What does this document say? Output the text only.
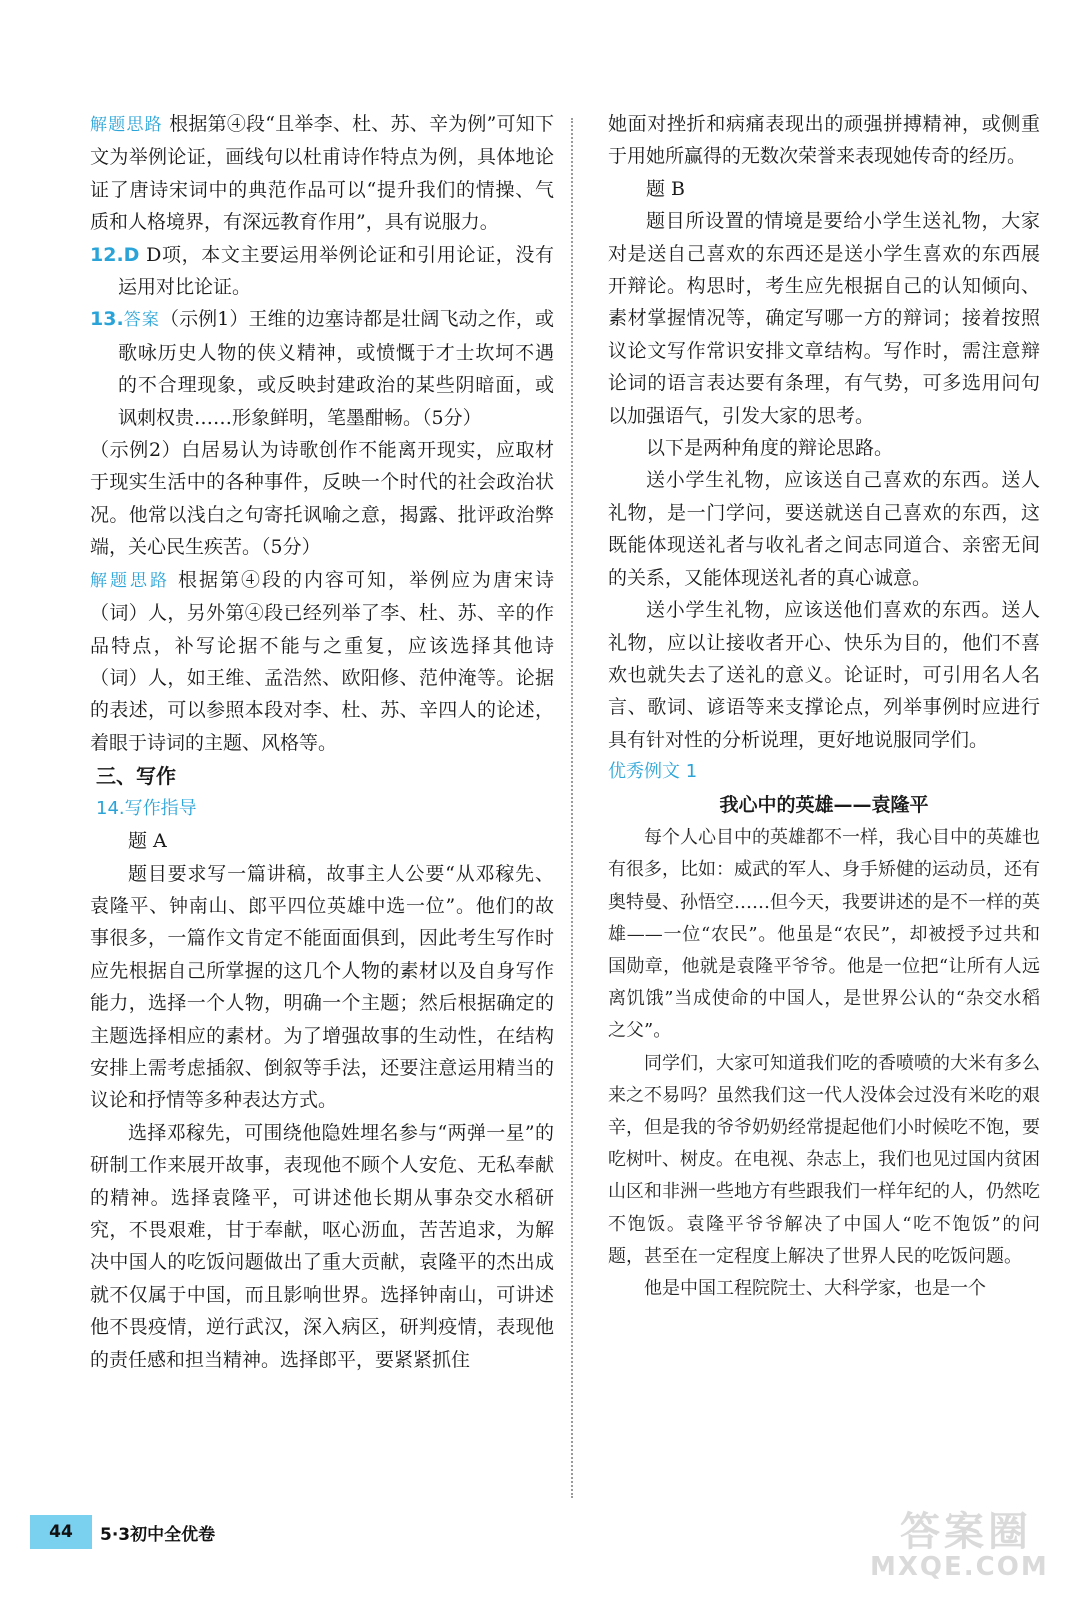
解题思路 根据第④段“且举李、杜、苏、辛为例”可知下文为举例论证，画线句以杜甫诗作特点为例，具体地论证了唐诗宋词中的典范作品可以“提升我们的情操、气质和人格境界，有深远教育作用”，具有说服力。

12.D D项，本文主要运用举例论证和引用论证，没有运用对比论证。

13.答案（示例1）王维的边塞诗都是壮阔飞动之作，或歌咏历史人物的侠义精神，或愤慨于才士坎坷不遇的不合理现象，或反映封建政治的某些阴暗面，或讽刺权贵……形象鲜明，笔墨酣畅。（5分）

（示例2）白居易认为诗歌创作不能离开现实，应取材于现实生活中的各种事件，反映一个时代的社会政治状况。他常以浅白之句寄托讽喻之意，揭露、批评政治弊端，关心民生疾苦。（5分）

解题思路 根据第④段的内容可知，举例应为唐宋诗（词）人，另外第④段已经列举了李、杜、苏、辛的作品特点，补写论据不能与之重复，应该选择其他诗（词）人，如王维、孟浩然、欧阳修、范仲淹等。论据的表述，可以参照本段对李、杜、苏、辛四人的论述，着眼于诗词的主题、风格等。

三、写作
14.写作指导

题 A

题目要求写一篇讲稿，故事主人公要“从邓稼先、袁隆平、钟南山、郎平四位英雄中选一位”。他们的故事很多，一篇作文肯定不能面面俱到，因此考生写作时应先根据自己所掌握的这几个人物的素材以及自身写作能力，选择一个人物，明确一个主题；然后根据确定的主题选择相应的素材。为了增强故事的生动性，在结构安排上需考虑插叙、倒叙等手法，还要注意运用精当的议论和抒情等多种表达方式。

选择邓稼先，可围绕他隐姓埋名参与“两弹一星”的研制工作来展开故事，表现他不顾个人安危、无私奉献的精神。选择袁隆平，可讲述他长期从事杂交水稻研究，不畏艰难，甘于奉献，呕心沥血，苦苦追求，为解决中国人的吃饭问题做出了重大贡献，袁隆平的杰出成就不仅属于中国，而且影响世界。选择钟南山，可讲述他不畏疫情，逆行武汉，深入病区，研判疫情，表现他的责任感和担当精神。选择郎平，要紧紧抓住

她面对挫折和病痛表现出的顽强拼搏精神，或侧重于用她所赢得的无数次荣誉来表现她传奇的经历。

题 B

题目所设置的情境是要给小学生送礼物，大家对是送自己喜欢的东西还是送小学生喜欢的东西展开辩论。构思时，考生应先根据自己的认知倾向、素材掌握情况等，确定写哪一方的辩词；接着按照议论文写作常识安排文章结构。写作时，需注意辩论词的语言表达要有条理，有气势，可多选用问句以加强语气，引发大家的思考。

以下是两种角度的辩论思路。

送小学生礼物，应该送自己喜欢的东西。送人礼物，是一门学问，要送就送自己喜欢的东西，这既能体现送礼者与收礼者之间志同道合、亲密无间的关系，又能体现送礼者的真心诚意。

送小学生礼物，应该送他们喜欢的东西。送人礼物，应以让接收者开心、快乐为目的，他们不喜欢也就失去了送礼的意义。论证时，可引用名人名言、歌词、谚语等来支撑论点，列举事例时应进行具有针对性的分析说理，更好地说服同学们。

优秀例文 1
我心中的英雄——袁隆平

每个人心目中的英雄都不一样，我心目中的英雄也有很多，比如：威武的军人、身手矫健的运动员，还有奥特曼、孙悟空……但今天，我要讲述的是不一样的英雄——一位“农民”。他虽是“农民”，却被授予过共和国勋章，他就是袁隆平爷爷。他是一位把“让所有人远离饥饿”当成使命的中国人，是世界公认的“杂交水稻之父”。

同学们，大家可知道我们吃的香喷喷的大米有多么来之不易吗？虽然我们这一代人没体会过没有米吃的艰辛，但是我的爷爷奶奶经常提起他们小时候吃不饱，要吃树叶、树皮。在电视、杂志上，我们也见过国内贫困山区和非洲一些地方有些跟我们一样年纪的人，仍然吃不饱饭。袁隆平爷爷解决了中国人“吃不饱饭”的问题，甚至在一定程度上解决了世界人民的吃饭问题。

他是中国工程院院士、大科学家，也是一个

44	5·3初中全优卷	答案圈
MXQE.COM
